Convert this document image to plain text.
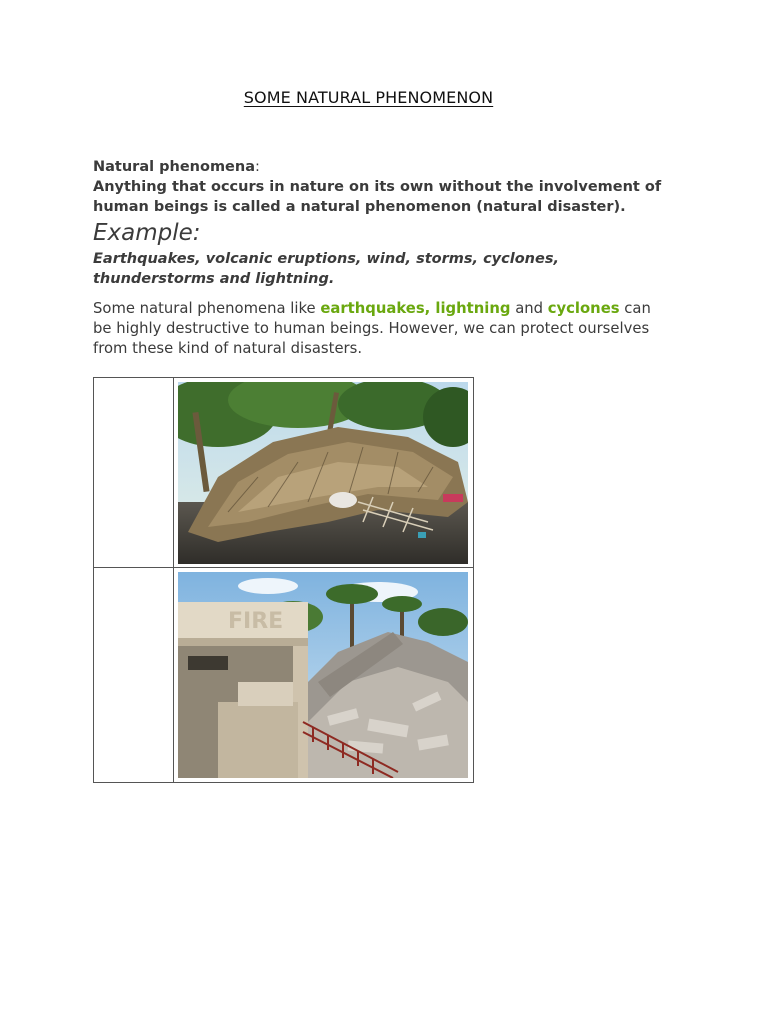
SOME NATURAL PHENOMENON

Natural phenomena:

Anything that occurs in nature on its own without the involvement of human beings is called a natural phenomenon (natural disaster).

Example:

Earthquakes, volcanic eruptions, wind, storms, cyclones, thunderstorms and lightning.

Some natural phenomena like earthquakes, lightning and cyclones can be highly destructive to human beings. However, we can protect ourselves from these kind of natural disasters.

FIRE
